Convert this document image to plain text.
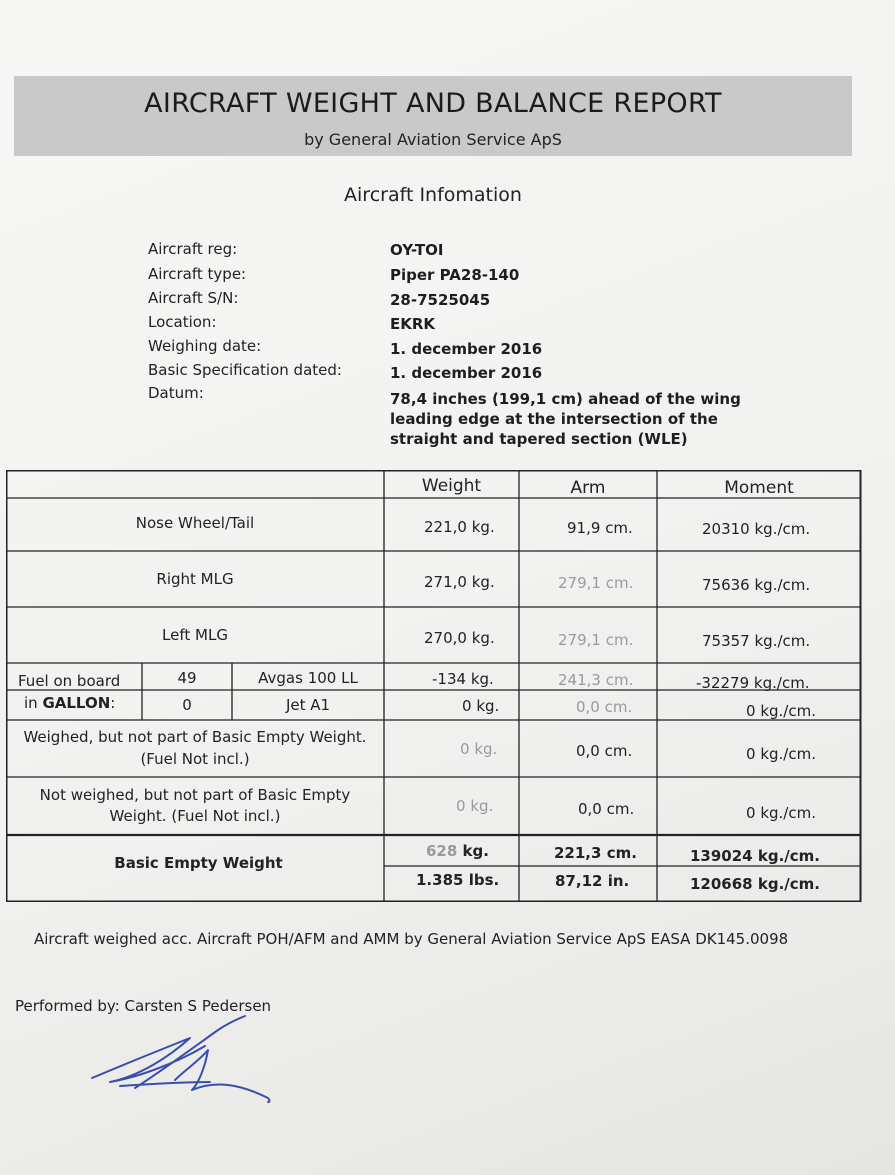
AIRCRAFT WEIGHT AND BALANCE REPORT
by General Aviation Service ApS
Aircraft Infomation
Aircraft reg:	OY-TOI
Aircraft type:	Piper PA28-140
Aircraft S/N:	28-7525045
Location:	EKRK
Weighing date:	1. december 2016
Basic Specification dated:	1. december 2016
Datum:	78,4 inches (199,1 cm) ahead of the wing
leading edge at the intersection of the
straight and tapered section (WLE)
Weight	Arm	Moment
Nose Wheel/Tail	221,0 kg.	91,9 cm.	20310 kg./cm.
Right MLG	271,0 kg.	279,1 cm.	75636 kg./cm.
Left MLG	270,0 kg.	279,1 cm.	75357 kg./cm.
Fuel on board
in GALLON:
49	Avgas 100 LL	-134 kg.	241,3 cm.	-32279 kg./cm.
0	Jet A1	0 kg.	0,0 cm.	0 kg./cm.
Weighed, but not part of Basic Empty Weight.
(Fuel Not incl.)
0 kg.	0,0 cm.	0 kg./cm.
Not weighed, but not part of Basic Empty
Weight. (Fuel Not incl.)
0 kg.	0,0 cm.	0 kg./cm.
Basic Empty Weight
628 kg.	221,3 cm.	139024 kg./cm.
1.385 lbs.	87,12 in.	120668 kg./cm.
Aircraft weighed acc. Aircraft POH/AFM and AMM by General Aviation Service ApS EASA DK145.0098
Performed by: Carsten S Pedersen
